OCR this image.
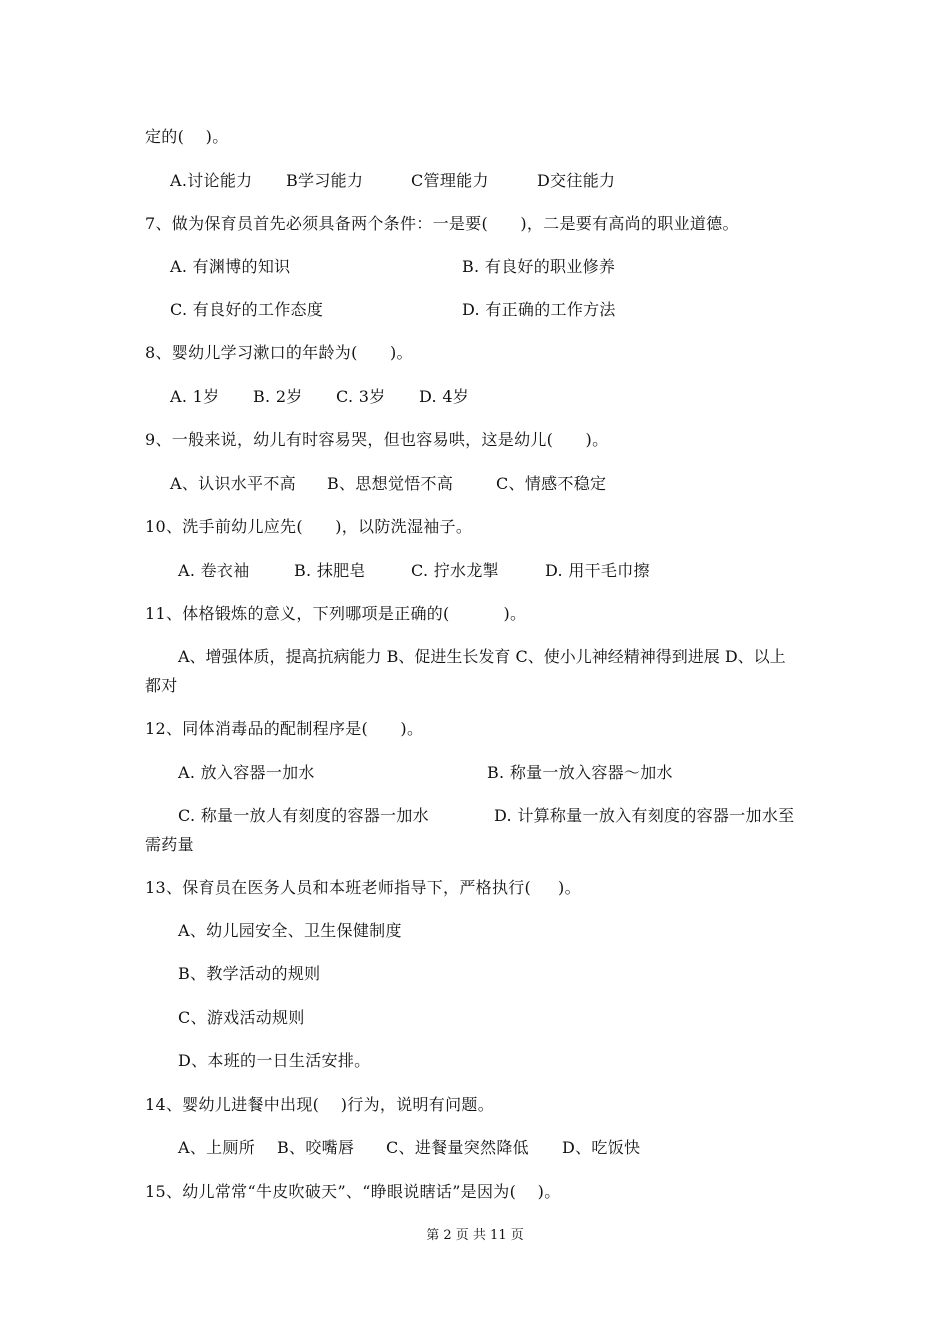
定的(    )。
A.讨论能力 B学习能力	C管理能力	D交往能力
7、做为保育员首先必须具备两个条件：一是要(      )，二是要有高尚的职业道德。
A. 有渊博的知识	B. 有良好的职业修养
C. 有良好的工作态度	D. 有正确的工作方法
8、婴幼儿学习漱口的年龄为(      )。
A. 1岁 B. 2岁 C. 3岁 D. 4岁
9、一般来说，幼儿有时容易哭，但也容易哄，这是幼儿(      )。
A、认识水平不高 B、思想觉悟不高	C、情感不稳定
10、洗手前幼儿应先(      )，以防洗湿袖子。
A. 卷衣袖	B. 抹肥皂	C. 拧水龙掣	D. 用干毛巾擦
11、体格锻炼的意义，下列哪项是正确的(          )。
A、增强体质，提高抗病能力 B、促进生长发育 C、使小儿神经精神得到进展 D、以上
都对
12、同体消毒品的配制程序是(      )。
A. 放入容器一加水	B. 称量一放入容器～加水
C. 称量一放人有刻度的容器一加水	D. 计算称量一放入有刻度的容器一加水至
需药量
13、保育员在医务人员和本班老师指导下，严格执行(     )。
A、幼儿园安全、卫生保健制度
B、教学活动的规则
C、游戏活动规则
D、本班的一日生活安排。
14、婴幼儿进餐中出现(    )行为，说明有问题。
A、上厕所 B、咬嘴唇 C、进餐量突然降低 D、吃饭快
15、幼儿常常“牛皮吹破天”、“睁眼说瞎话”是因为(    )。
第 2 页 共 11 页
